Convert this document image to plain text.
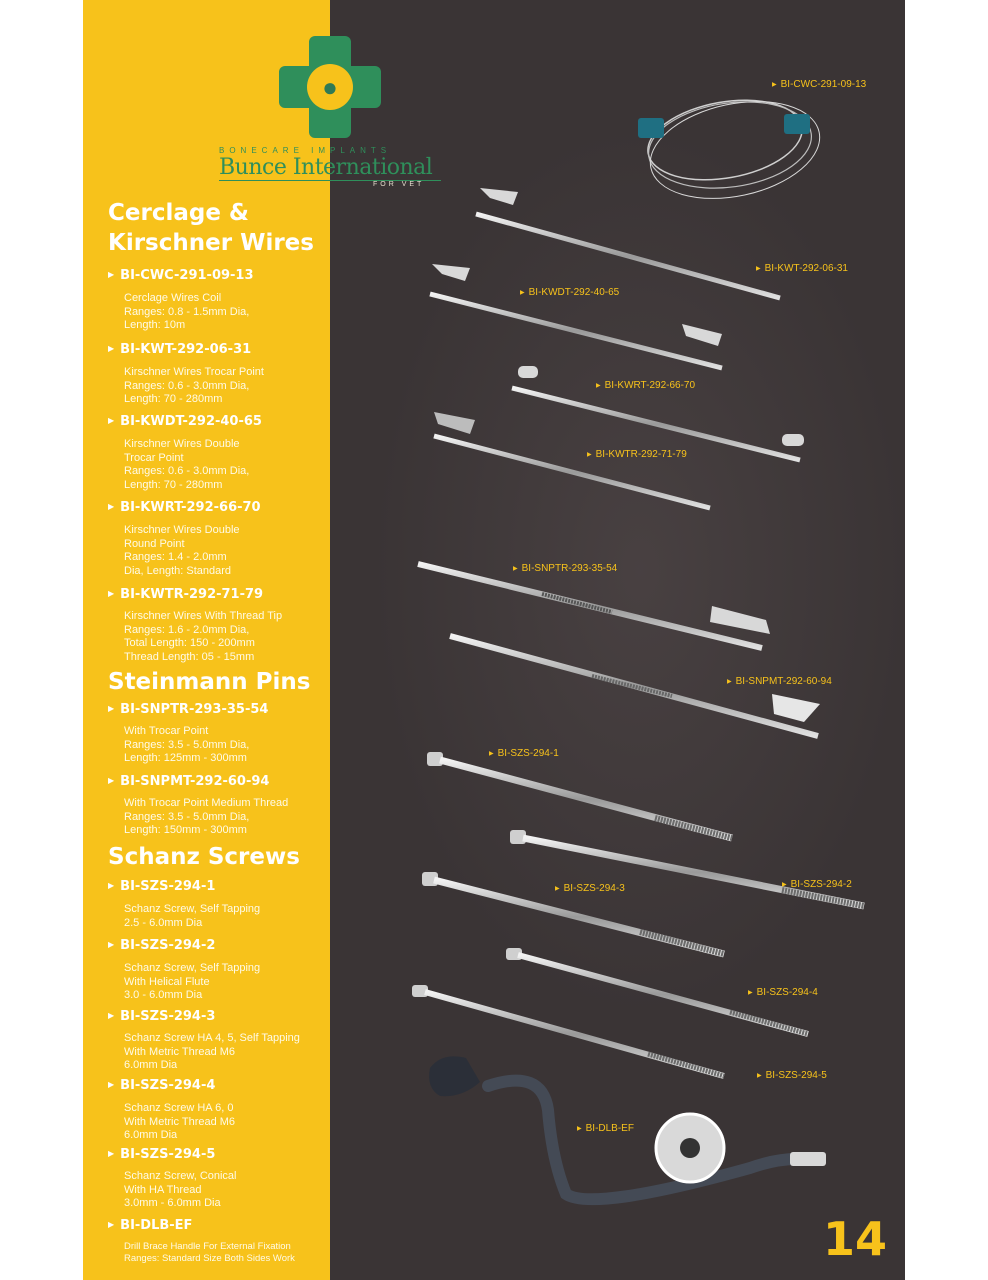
Cerclage &
Kirschner Wires
▶ BI-CWC-291-09-13
Cerclage Wires Coil
Ranges: 0.8 - 1.5mm Dia,
Length: 10m
▶ BI-KWT-292-06-31
Kirschner Wires Trocar Point
Ranges: 0.6 - 3.0mm Dia,
Length: 70 - 280mm
▶ BI-KWDT-292-40-65
Kirschner Wires Double
Trocar Point
Ranges: 0.6 - 3.0mm Dia,
Length: 70 - 280mm
▶ BI-KWRT-292-66-70
Kirschner Wires Double
Round Point
Ranges: 1.4 - 2.0mm
Dia, Length: Standard
▶ BI-KWTR-292-71-79
Kirschner Wires With Thread Tip
Ranges: 1.6 - 2.0mm Dia,
Total Length: 150 - 200mm
Thread Length: 05 - 15mm
Steinmann Pins
▶ BI-SNPTR-293-35-54
With Trocar Point
Ranges: 3.5 - 5.0mm Dia,
Length: 125mm - 300mm
▶ BI-SNPMT-292-60-94
With Trocar Point Medium Thread
Ranges: 3.5 - 5.0mm Dia,
Length: 150mm - 300mm
Schanz Screws
▶ BI-SZS-294-1
Schanz Screw, Self Tapping
2.5 - 6.0mm Dia
▶ BI-SZS-294-2
Schanz Screw, Self Tapping
With Helical Flute
3.0 - 6.0mm Dia
▶ BI-SZS-294-3
Schanz Screw HA 4, 5, Self Tapping
With Metric Thread M6
6.0mm Dia
▶ BI-SZS-294-4
Schanz Screw HA 6, 0
With Metric Thread M6
6.0mm Dia
▶ BI-SZS-294-5
Schanz Screw, Conical
With HA Thread
3.0mm - 6.0mm Dia
▶ BI-DLB-EF
Drill Brace Handle For External Fixation
Ranges: Standard Size Both Sides Work
▶ BI-CWC-291-09-13
▶ BI-KWT-292-06-31
▶ BI-KWDT-292-40-65
▶ BI-KWRT-292-66-70
▶ BI-KWTR-292-71-79
▶ BI-SNPTR-293-35-54
▶ BI-SNPMT-292-60-94
▶ BI-SZS-294-1
▶ BI-SZS-294-2
▶ BI-SZS-294-3
▶ BI-SZS-294-4
▶ BI-SZS-294-5
▶ BI-DLB-EF
14
●
BONECARE IMPLANTS
Bunce International
FOR VET
